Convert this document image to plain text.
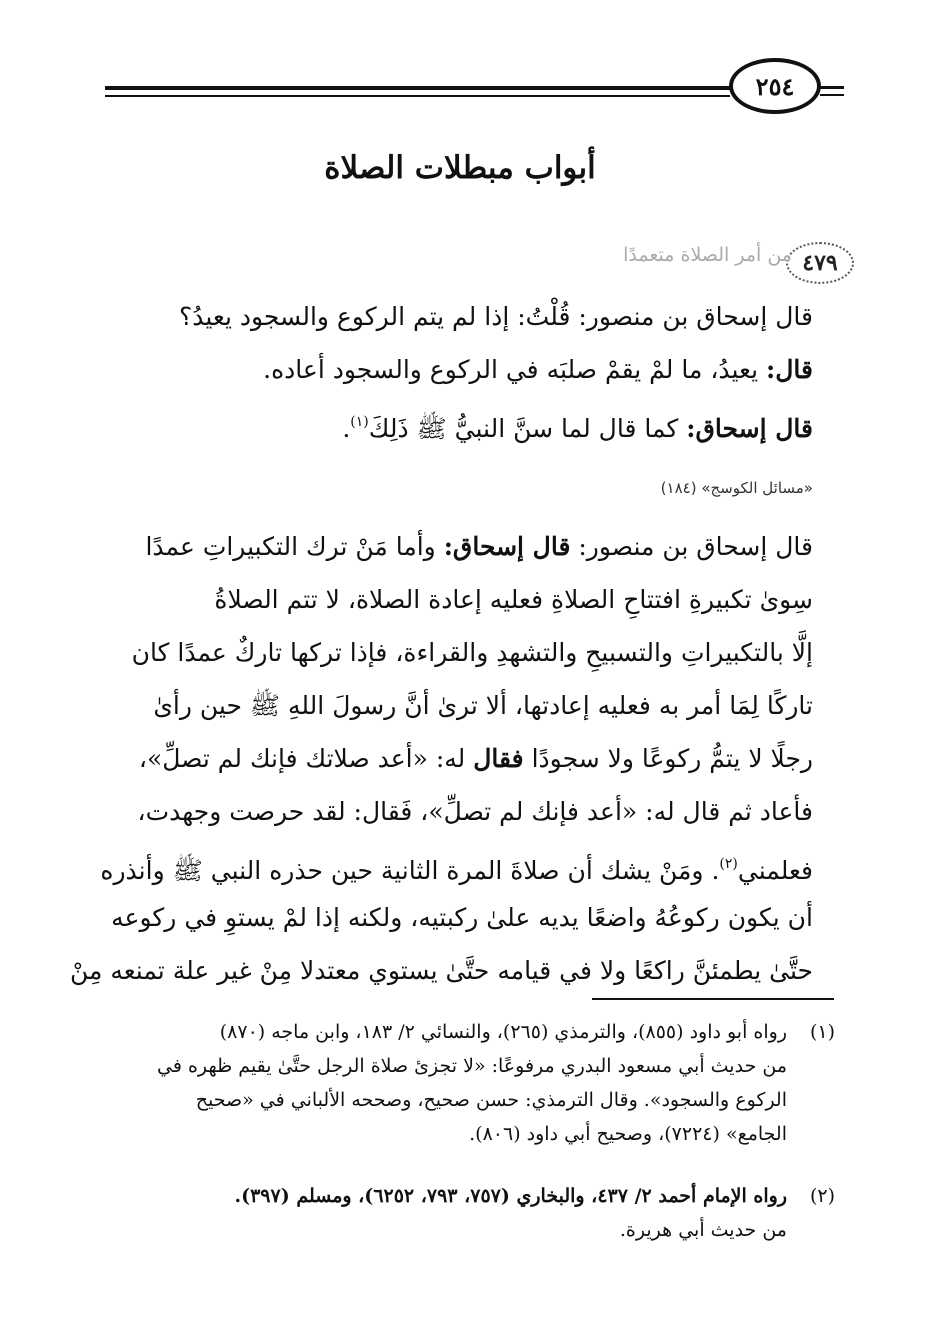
٢٥٤
أبواب مبطلات الصلاة
٤٧٩
من أمر الصلاة متعمدًا

قال إسحاق بن منصور: قُلْتُ: إذا لم يتم الركوع والسجود يعيدُ؟

قال: يعيدُ، ما لمْ يقمْ صلبَه في الركوع والسجود أعاده.

قال إسحاق: كما قال لما سنَّ النبيُّ ﷺ ذَلِكَ$^{(١)}$.

«مسائل الكوسج» (١٨٤)

قال إسحاق بن منصور: قال إسحاق: وأما مَنْ ترك التكبيراتِ عمدًا

سِوىٰ تكبيرةِ افتتاحِ الصلاةِ فعليه إعادة الصلاة، لا تتم الصلاةُ

إلَّا بالتكبيراتِ والتسبيحِ والتشهدِ والقراءة، فإذا تركها تاركٌ عمدًا كان

تاركًا لِمَا أمر به فعليه إعادتها، ألا ترىٰ أنَّ رسولَ اللهِ ﷺ حين رأىٰ

رجلًا لا يتمُّ ركوعًا ولا سجودًا فقال له: «أعد صلاتك فإنك لم تصلِّ»،

فأعاد ثم قال له: «أعد فإنك لم تصلِّ»، فَقال: لقد حرصت وجهدت،

فعلمني$^{(٢)}$. ومَنْ يشك أن صلاةَ المرة الثانية حين حذره النبي ﷺ وأنذره

أن يكون ركوعُهُ واضعًا يديه علىٰ ركبتيه، ولكنه إذا لمْ يستوِ في ركوعه

حتَّىٰ يطمئنَّ راكعًا ولا في قيامه حتَّىٰ يستوي معتدلا مِنْ غير علة تمنعه مِنْ

(١)

رواه أبو داود (٨٥٥)، والترمذي (٢٦٥)، والنسائي ٢/ ١٨٣، وابن ماجه (٨٧٠)

من حديث أبي مسعود البدري مرفوعًا: «لا تجزئ صلاة الرجل حتَّىٰ يقيم ظهره في

الركوع والسجود». وقال الترمذي: حسن صحيح، وصححه الألباني في «صحيح

الجامع» (٧٢٢٤)، وصحيح أبي داود (٨٠٦).

(٢)

رواه الإمام أحمد ٢/ ٤٣٧، والبخاري (٧٥٧، ٧٩٣، ٦٢٥٢)، ومسلم (٣٩٧).

من حديث أبي هريرة.
